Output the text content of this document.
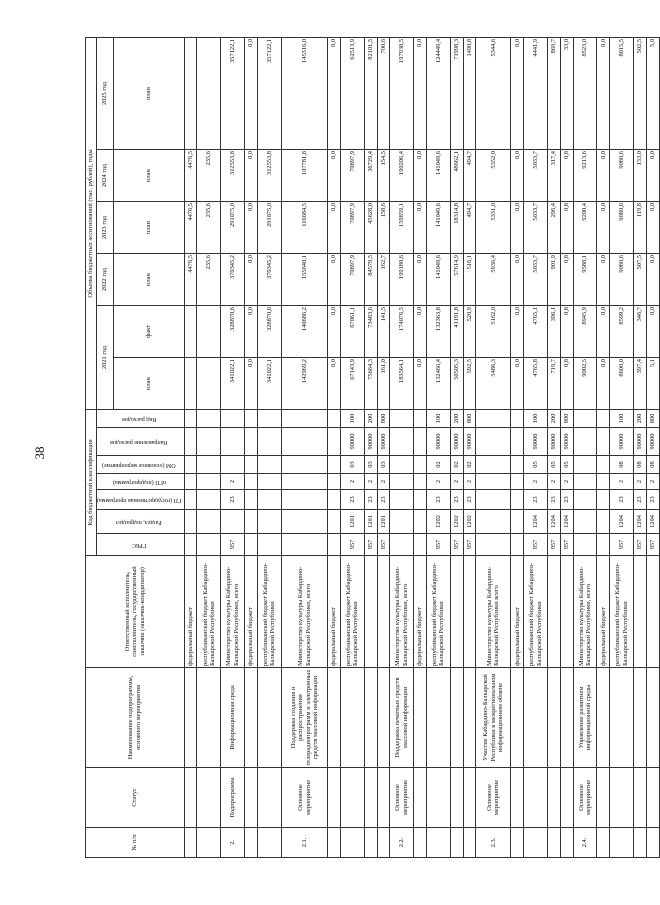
38
№ п/п	Статус	Наименование подпрограммы, основного мероприятия	Ответственный исполнитель, соисполнитель, государственный заказчик (заказчик-координатор)	Код бюджетной классификации							Объемы бюджетных ассигнований (тыс. рублей), годы					
				ГРБС	Раздел, подраздел	ГП (государственная программа)	пГП (подпрограмма)	ОМ (основное мероприятие)	Направление расходов	Вид расходов	2021 год		2022 год	2023 год	2024 год	2025 год
											план	факт	план	план	план	план
			федеральный бюджет										4476,5	4476,5	4476,5	
			республиканский бюджет Кабардино-Балкарской Республики										235,6	235,6	235,6	
2.	Подпрограмма	Информационная среда	Министерство культуры Кабардино-Балкарской Республики, всего	957		23	2				341022,1	328870,6	370345,2	291075,0	312553,8	357122,1
			федеральный бюджет								0,0	0,0	0,0	0,0	0,0	0,0
			республиканский бюджет Кабардино-Балкарской Республики								341022,1	328870,6	370345,2	291075,0	312553,8	357122,1
2.1.	Основное мероприятие	Поддержка создания и распространения телерадиопрограмм и электронных средств массовой информации	Министерство культуры Кабардино-Балкарской Республики, всего								142969,2	140686,2	155640,1	116684,5	107781,8	145316,0
			федеральный бюджет								0,0	0,0	0,0	0,0	0,0	0,0
			республиканский бюджет Кабардино-Балкарской Республики	957	1201	23	2	03	90000	100	67143,9	67061,1	70897,9	70897,9	70897,9	62513,9
				957	1201	23	2	03	90000	200	75664,3	73483,6	84579,5	45628,0	36729,4	82101,5
				957	1201	23	2	03	90000	800	161,0	141,5	162,7	158,6	154,5	700,6
2.2.	Основное мероприятие	Поддержка печатных средств массовой информации	Министерство культуры Кабардино-Балкарской Республики, всего								183564,1	174076,5	199180,6	159859,1	190206,4	197938,5
			федеральный бюджет								0,0	0,0	0,0	0,0	0,0	0,0
			республиканский бюджет Кабардино-Балкарской Республики	957	1202	23	2	02	90000	100	132466,4	132363,8	141049,6	141049,6	141049,6	124449,4
				957	1202	23	2	02	90000	200	50505,3	41191,8	57614,9	18314,8	48662,1	71998,3
				957	1202	23	2	02	90000	800	592,5	520,9	516,1	494,7	494,7	1490,8
2.3.	Основное мероприятие	Участие Кабардино-Балкарской Республики в межрегиональном информационном обмене	Министерство культуры Кабардино-Балкарской Республики всего								5486,3	5162,0	5936,4	5331,0	5352,0	5344,6
			федеральный бюджет								0,0	0,0	0,0	0,0	0,0	0,0
			республиканский бюджет Кабардино-Балкарской Республики	957	1204	23	2	05	90000	100	4765,8	4765,1	5033,7	5033,7	5033,7	4441,9
				957	1204	23	2	05	90000	200	719,7	396,1	901,9	296,4	317,4	869,7
				957	1204	23	2	05	90000	800	0,8	0,8	0,8	0,8	0,8	33,0
2.4.	Основное мероприятие	Управление развитием информационной среды	Министерство культуры Кабардино-Балкарской Республики, всего								9002,5	8945,9	9588,1	9200,4	9213,6	8523,0
			федеральный бюджет								0,0	0,0	0,0	0,0	0,0	0,0
			республиканский бюджет Кабардино-Балкарской Республики	957	1204	23	2	08	90000	100	8600,0	8599,2	9080,6	9080,6	9080,6	8015,5
				957	1204	23	2	08	90000	200	397,4	346,7	507,5	119,8	133,0	502,5
				957	1204	23	2	08	90000	800	5,1	0,0	0,0	0,0	0,0	5,0
